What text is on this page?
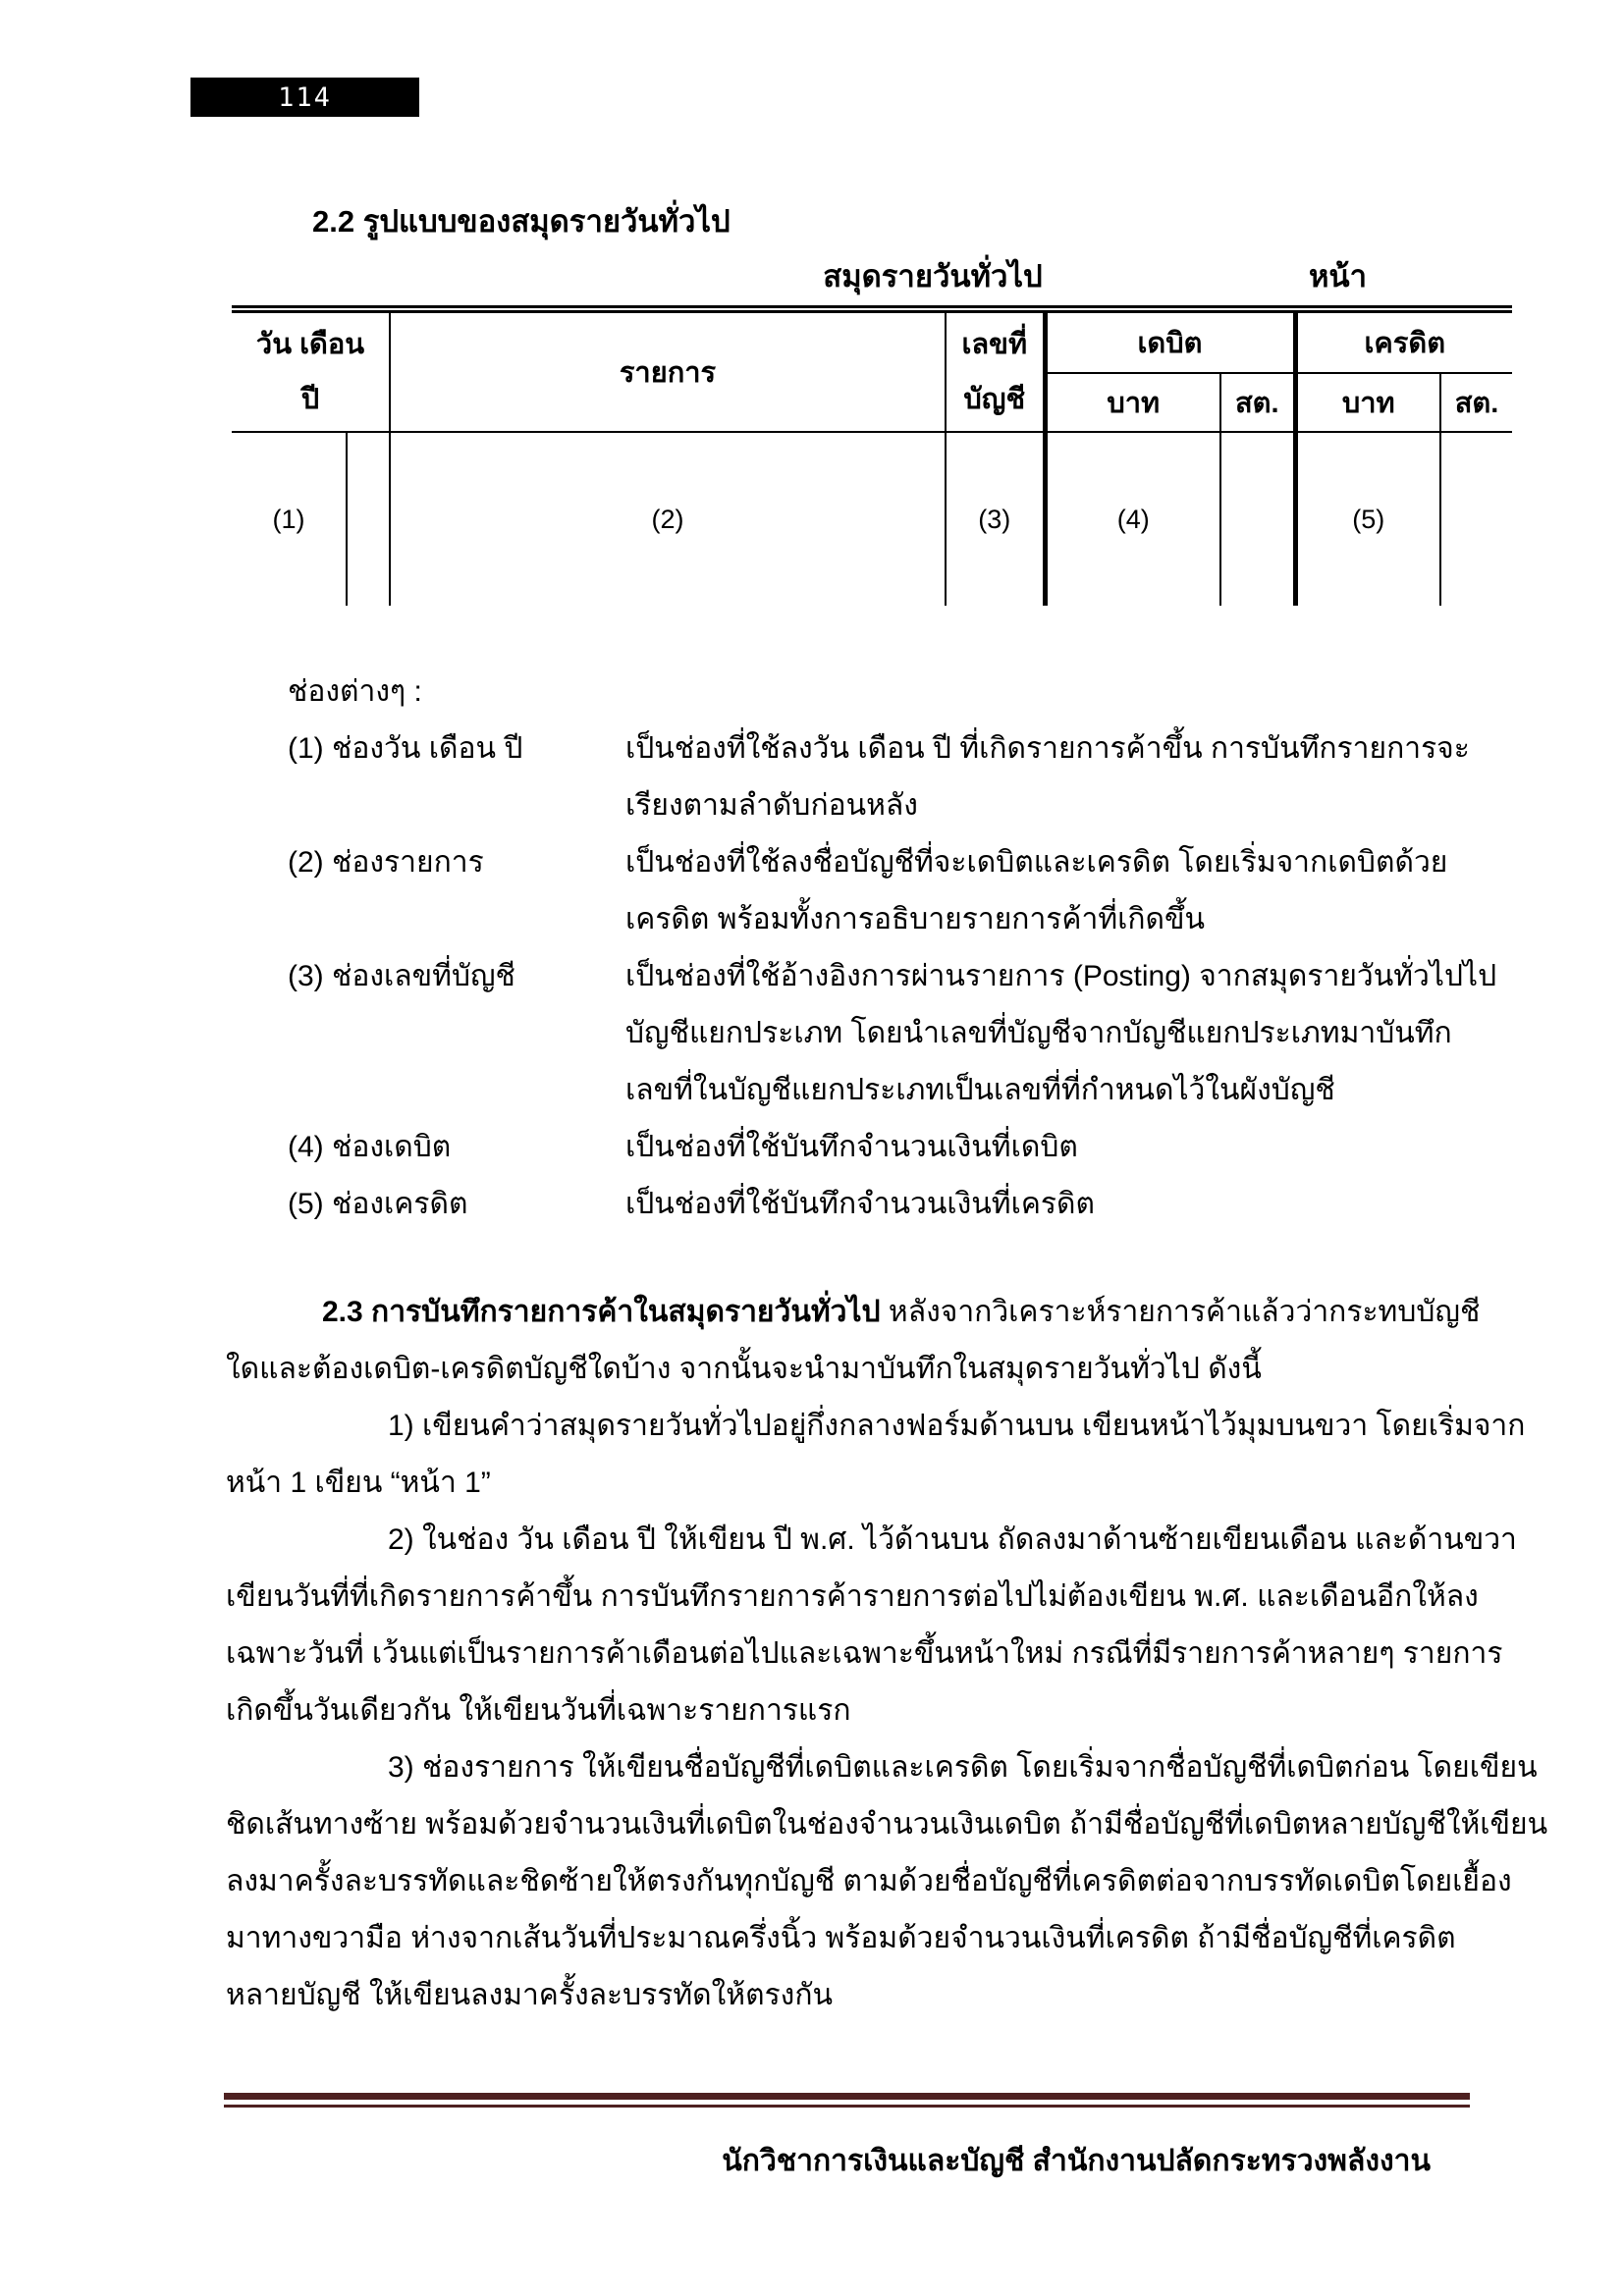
114
2.2 รูปแบบของสมุดรายวันทั่วไป
สมุดรายวันทั่วไป	หน้า
วัน เดือน
ปี		รายการ	เลขที่
บัญชี	เดบิต		เครดิต	
				บาท	สต.	บาท	สต.
(1)		(2)	(3)	(4)		(5)	
ช่องต่างๆ :
(1) ช่องวัน เดือน ปี	เป็นช่องที่ใช้ลงวัน เดือน ปี ที่เกิดรายการค้าขึ้น การบันทึกรายการจะ
เรียงตามลำดับก่อนหลัง
(2) ช่องรายการ	เป็นช่องที่ใช้ลงชื่อบัญชีที่จะเดบิตและเครดิต โดยเริ่มจากเดบิตด้วย
เครดิต พร้อมทั้งการอธิบายรายการค้าที่เกิดขึ้น
(3) ช่องเลขที่บัญชี	เป็นช่องที่ใช้อ้างอิงการผ่านรายการ (Posting) จากสมุดรายวันทั่วไปไป
บัญชีแยกประเภท โดยนำเลขที่บัญชีจากบัญชีแยกประเภทมาบันทึก
เลขที่ในบัญชีแยกประเภทเป็นเลขที่ที่กำหนดไว้ในผังบัญชี
(4) ช่องเดบิต	เป็นช่องที่ใช้บันทึกจำนวนเงินที่เดบิต
(5) ช่องเครดิต	เป็นช่องที่ใช้บันทึกจำนวนเงินที่เครดิต
2.3 การบันทึกรายการค้าในสมุดรายวันทั่วไป หลังจากวิเคราะห์รายการค้าแล้วว่ากระทบบัญชี
ใดและต้องเดบิต-เครดิตบัญชีใดบ้าง จากนั้นจะนำมาบันทึกในสมุดรายวันทั่วไป ดังนี้
1) เขียนคำว่าสมุดรายวันทั่วไปอยู่กึ่งกลางฟอร์มด้านบน เขียนหน้าไว้มุมบนขวา โดยเริ่มจาก
หน้า 1 เขียน “หน้า 1”
2) ในช่อง วัน เดือน ปี ให้เขียน ปี พ.ศ. ไว้ด้านบน ถัดลงมาด้านซ้ายเขียนเดือน และด้านขวา
เขียนวันที่ที่เกิดรายการค้าขึ้น การบันทึกรายการค้ารายการต่อไปไม่ต้องเขียน พ.ศ. และเดือนอีกให้ลง
เฉพาะวันที่ เว้นแต่เป็นรายการค้าเดือนต่อไปและเฉพาะขึ้นหน้าใหม่ กรณีที่มีรายการค้าหลายๆ รายการ
เกิดขึ้นวันเดียวกัน ให้เขียนวันที่เฉพาะรายการแรก
3) ช่องรายการ ให้เขียนชื่อบัญชีที่เดบิตและเครดิต โดยเริ่มจากชื่อบัญชีที่เดบิตก่อน โดยเขียน
ชิดเส้นทางซ้าย พร้อมด้วยจำนวนเงินที่เดบิตในช่องจำนวนเงินเดบิต ถ้ามีชื่อบัญชีที่เดบิตหลายบัญชีให้เขียน
ลงมาครั้งละบรรทัดและชิดซ้ายให้ตรงกันทุกบัญชี ตามด้วยชื่อบัญชีที่เครดิตต่อจากบรรทัดเดบิตโดยเยื้อง
มาทางขวามือ ห่างจากเส้นวันที่ประมาณครึ่งนิ้ว พร้อมด้วยจำนวนเงินที่เครดิต ถ้ามีชื่อบัญชีที่เครดิต
หลายบัญชี ให้เขียนลงมาครั้งละบรรทัดให้ตรงกัน
นักวิชาการเงินและบัญชี สำนักงานปลัดกระทรวงพลังงาน
